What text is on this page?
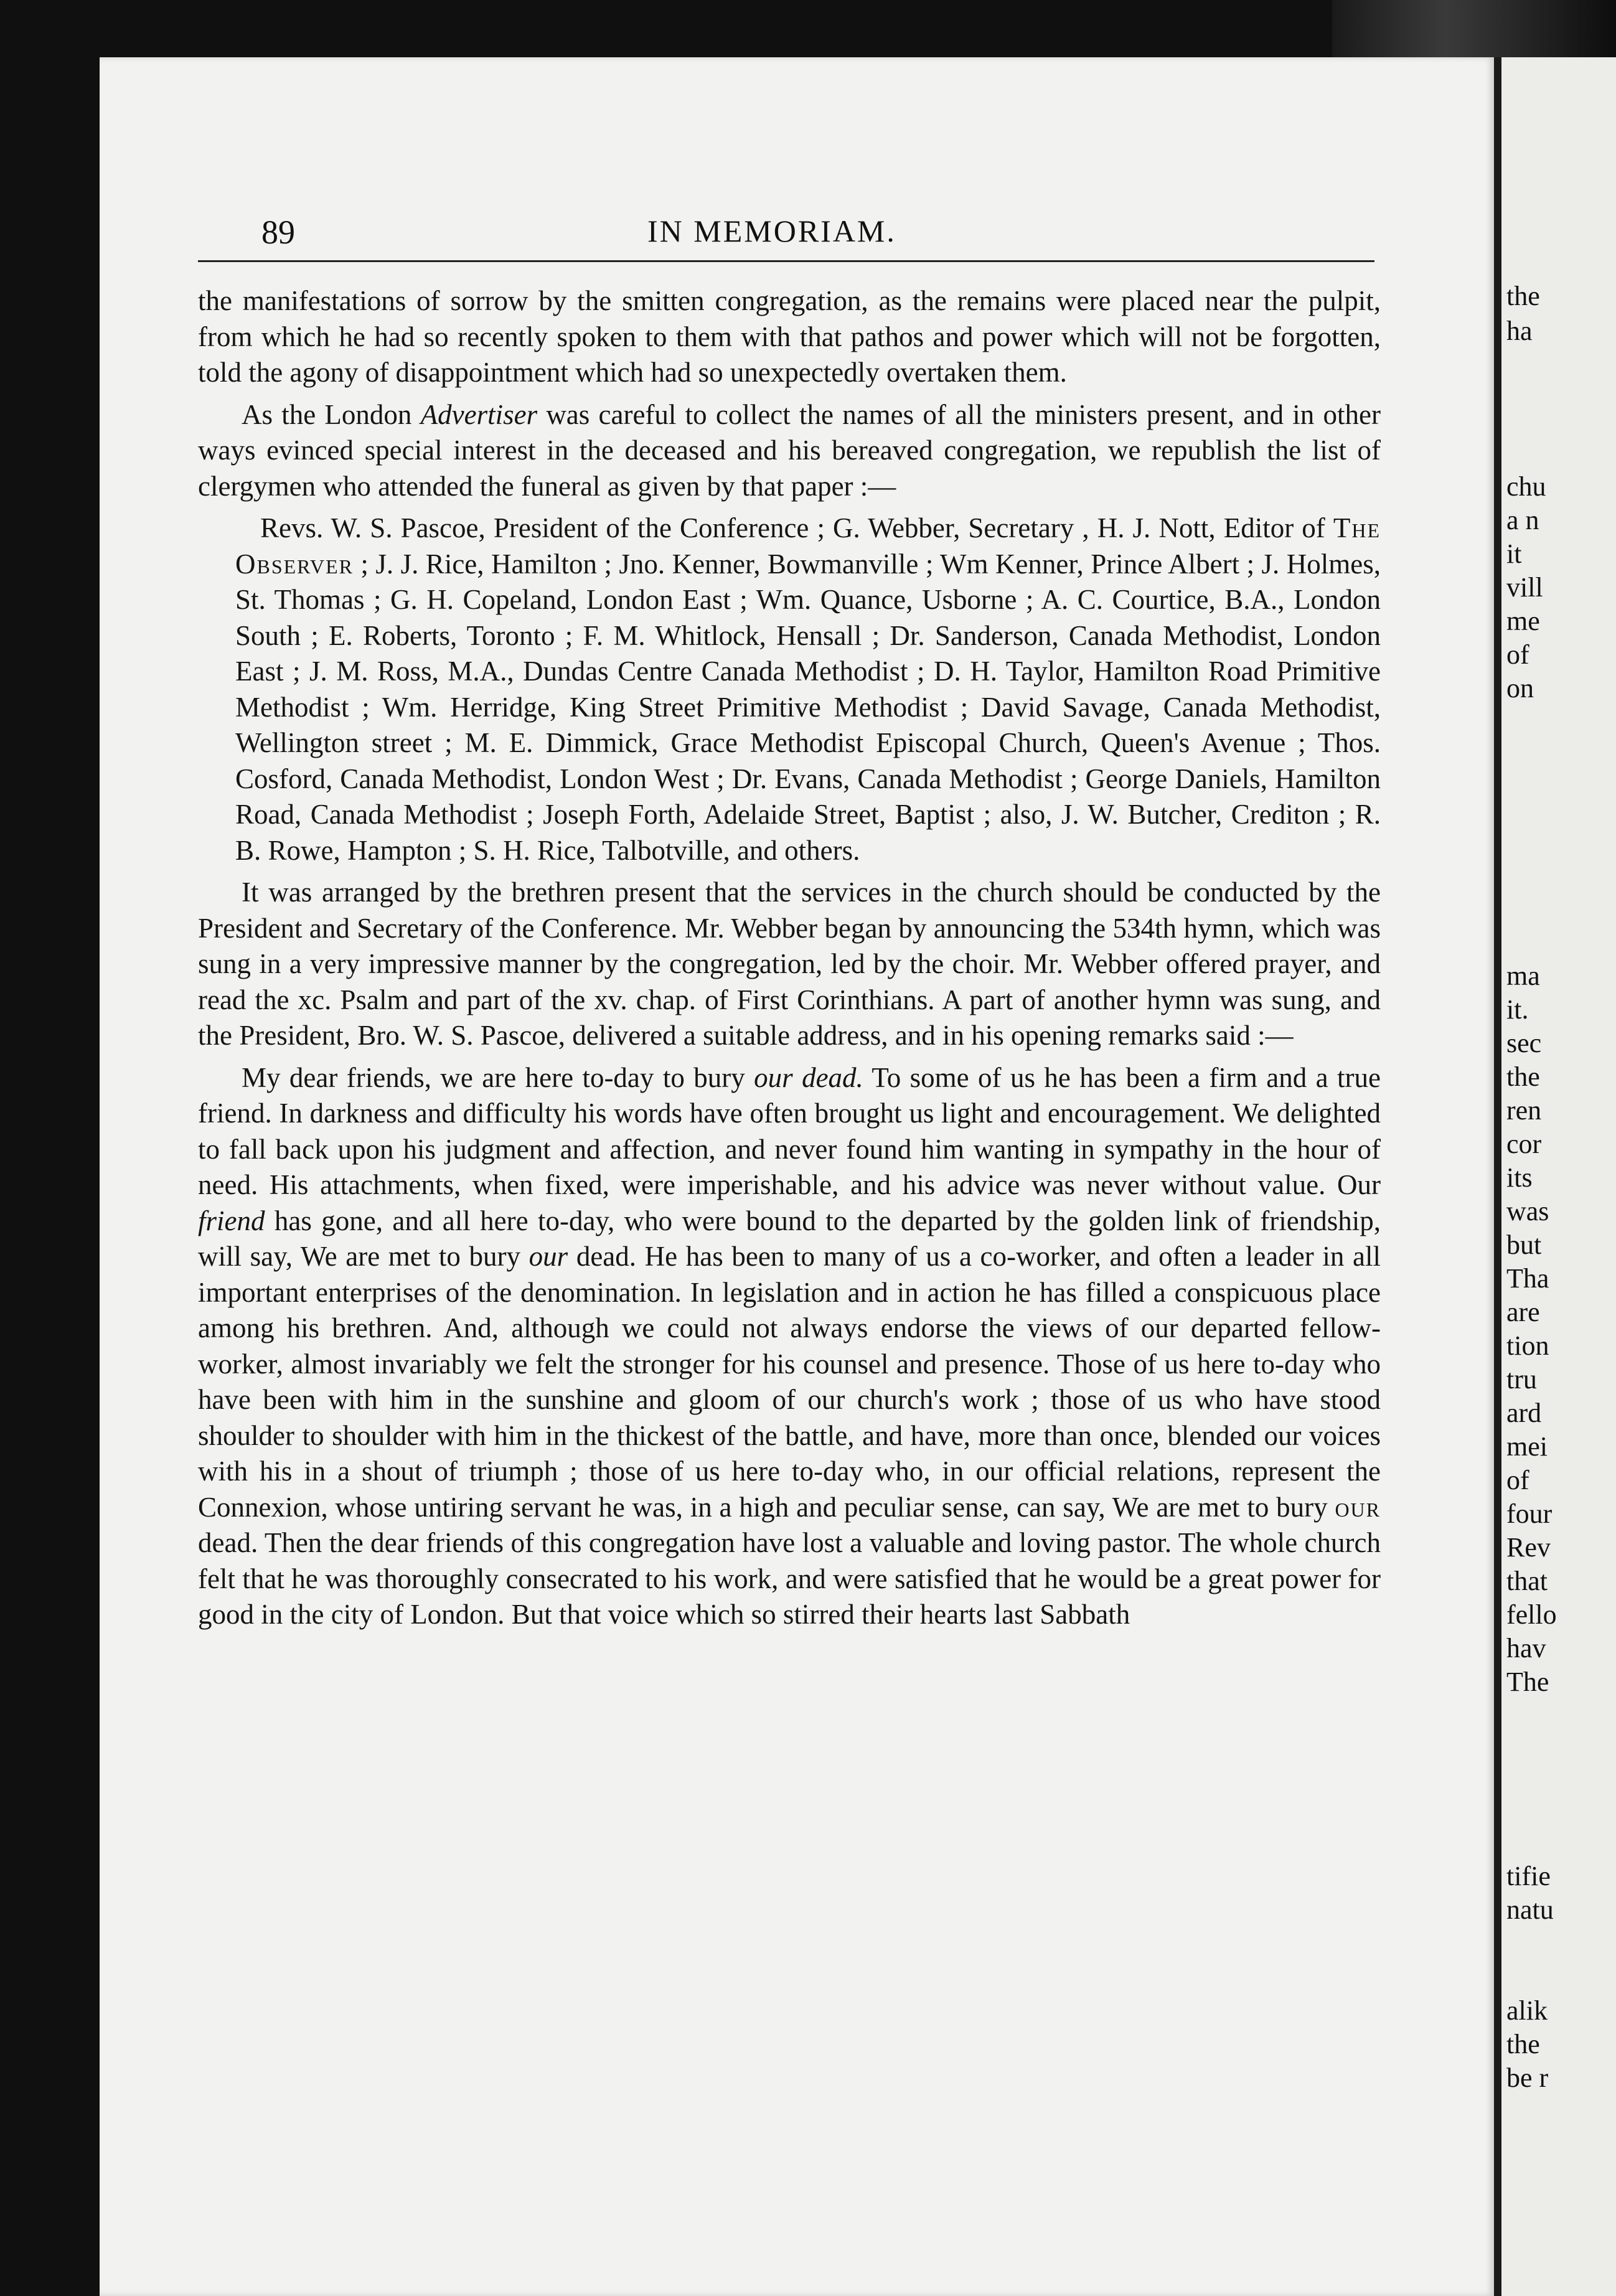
the
ha
chu
a n
it
vill
me
of
on
ma
it.
sec
the
ren
cor
its
was
but
Tha
are
tion
tru
ard
mei
of
four
Rev
that
fello
hav
The
tifie
natu
alik
the
be r
89	IN MEMORIAM.

the manifestations of sorrow by the smitten congregation, as the remains were placed near the pulpit, from which he had so recently spoken to them with that pathos and power which will not be forgotten, told the agony of disappointment which had so unexpectedly overtaken them.

As the London Advertiser was careful to collect the names of all the ministers present, and in other ways evinced special interest in the deceased and his bereaved congregation, we republish the list of clergymen who attended the funeral as given by that paper :—

Revs. W. S. Pascoe, President of the Conference ; G. Webber, Secretary , H. J. Nott, Editor of The Observer ; J. J. Rice, Hamilton ; Jno. Kenner, Bowmanville ; Wm Kenner, Prince Albert ; J. Holmes, St. Thomas ; G. H. Copeland, London East ; Wm. Quance, Usborne ; A. C. Courtice, B.A., London South ; E. Roberts, Toronto ; F. M. Whitlock, Hensall ; Dr. Sanderson, Canada Methodist, London East ; J. M. Ross, M.A., Dundas Centre Canada Methodist ; D. H. Taylor, Hamilton Road Primitive Methodist ; Wm. Herridge, King Street Primitive Methodist ; David Savage, Canada Methodist, Wellington street ; M. E. Dimmick, Grace Methodist Episcopal Church, Queen's Avenue ; Thos. Cosford, Canada Methodist, London West ; Dr. Evans, Canada Methodist ; George Daniels, Hamilton Road, Canada Methodist ; Joseph Forth, Adelaide Street, Baptist ; also, J. W. Butcher, Crediton ; R. B. Rowe, Hampton ; S. H. Rice, Talbotville, and others.

It was arranged by the brethren present that the services in the church should be conducted by the President and Secretary of the Conference. Mr. Webber began by announcing the 534th hymn, which was sung in a very impressive manner by the congregation, led by the choir. Mr. Webber offered prayer, and read the xc. Psalm and part of the xv. chap. of First Corinthians. A part of another hymn was sung, and the President, Bro. W. S. Pascoe, delivered a suitable address, and in his opening remarks said :—

My dear friends, we are here to-day to bury our dead. To some of us he has been a firm and a true friend. In darkness and difficulty his words have often brought us light and encouragement. We delighted to fall back upon his judgment and affection, and never found him wanting in sympathy in the hour of need. His attachments, when fixed, were imperishable, and his advice was never without value. Our friend has gone, and all here to-day, who were bound to the departed by the golden link of friendship, will say, We are met to bury our dead. He has been to many of us a co-worker, and often a leader in all important enterprises of the denomination. In legislation and in action he has filled a conspicuous place among his brethren. And, although we could not always endorse the views of our departed fellow-worker, almost invariably we felt the stronger for his counsel and presence. Those of us here to-day who have been with him in the sunshine and gloom of our church's work ; those of us who have stood shoulder to shoulder with him in the thickest of the battle, and have, more than once, blended our voices with his in a shout of triumph ; those of us here to-day who, in our official relations, represent the Connexion, whose untiring servant he was, in a high and peculiar sense, can say, We are met to bury our dead. Then the dear friends of this congregation have lost a valuable and loving pastor. The whole church felt that he was thoroughly consecrated to his work, and were satisfied that he would be a great power for good in the city of London. But that voice which so stirred their hearts last Sabbath
